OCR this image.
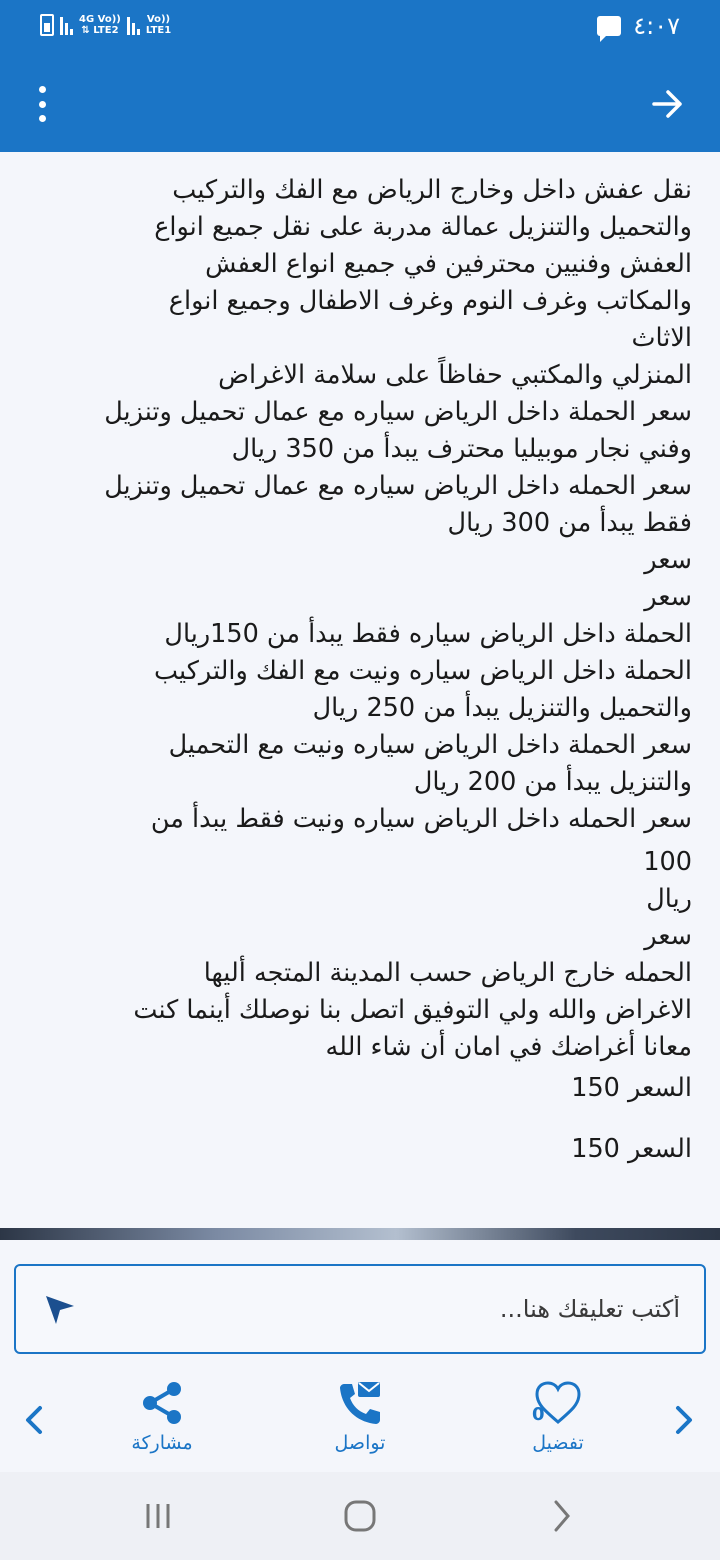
4G Vo))
⇅ LTE2
Vo))
LTE1	٤:٠٧

نقل عفش داخل وخارج الرياض مع الفك والتركيب

والتحميل والتنزيل عمالة مدربة على نقل جميع انواع

العفش وفنيين محترفين في جميع انواع العفش

والمكاتب وغرف النوم وغرف الاطفال وجميع انواع

الاثاث

المنزلي والمكتبي حفاظاً على سلامة الاغراض

سعر الحملة داخل الرياض سياره مع عمال تحميل وتنزيل

وفني نجار موبيليا محترف يبدأ من 350 ريال

سعر الحمله داخل الرياض سياره مع عمال تحميل وتنزيل

فقط يبدأ من 300 ريال

سعر

سعر

الحملة داخل الرياض سياره فقط يبدأ من 150ريال

الحملة داخل الرياض سياره ونيت مع الفك والتركيب

والتحميل والتنزيل يبدأ من 250 ريال

سعر الحملة داخل الرياض سياره ونيت مع التحميل

والتنزيل يبدأ من 200 ريال

سعر الحمله داخل الرياض سياره ونيت فقط يبدأ من

100

ريال

سعر

الحمله خارج الرياض حسب المدينة المتجه أليها

الاغراض والله ولي التوفيق اتصل بنا نوصلك أينما كنت

معانا أغراضك في امان أن شاء الله

السعر 150

السعر 150

أكتب تعليقك هنا...
0
تفضيل
تواصل
مشاركة
